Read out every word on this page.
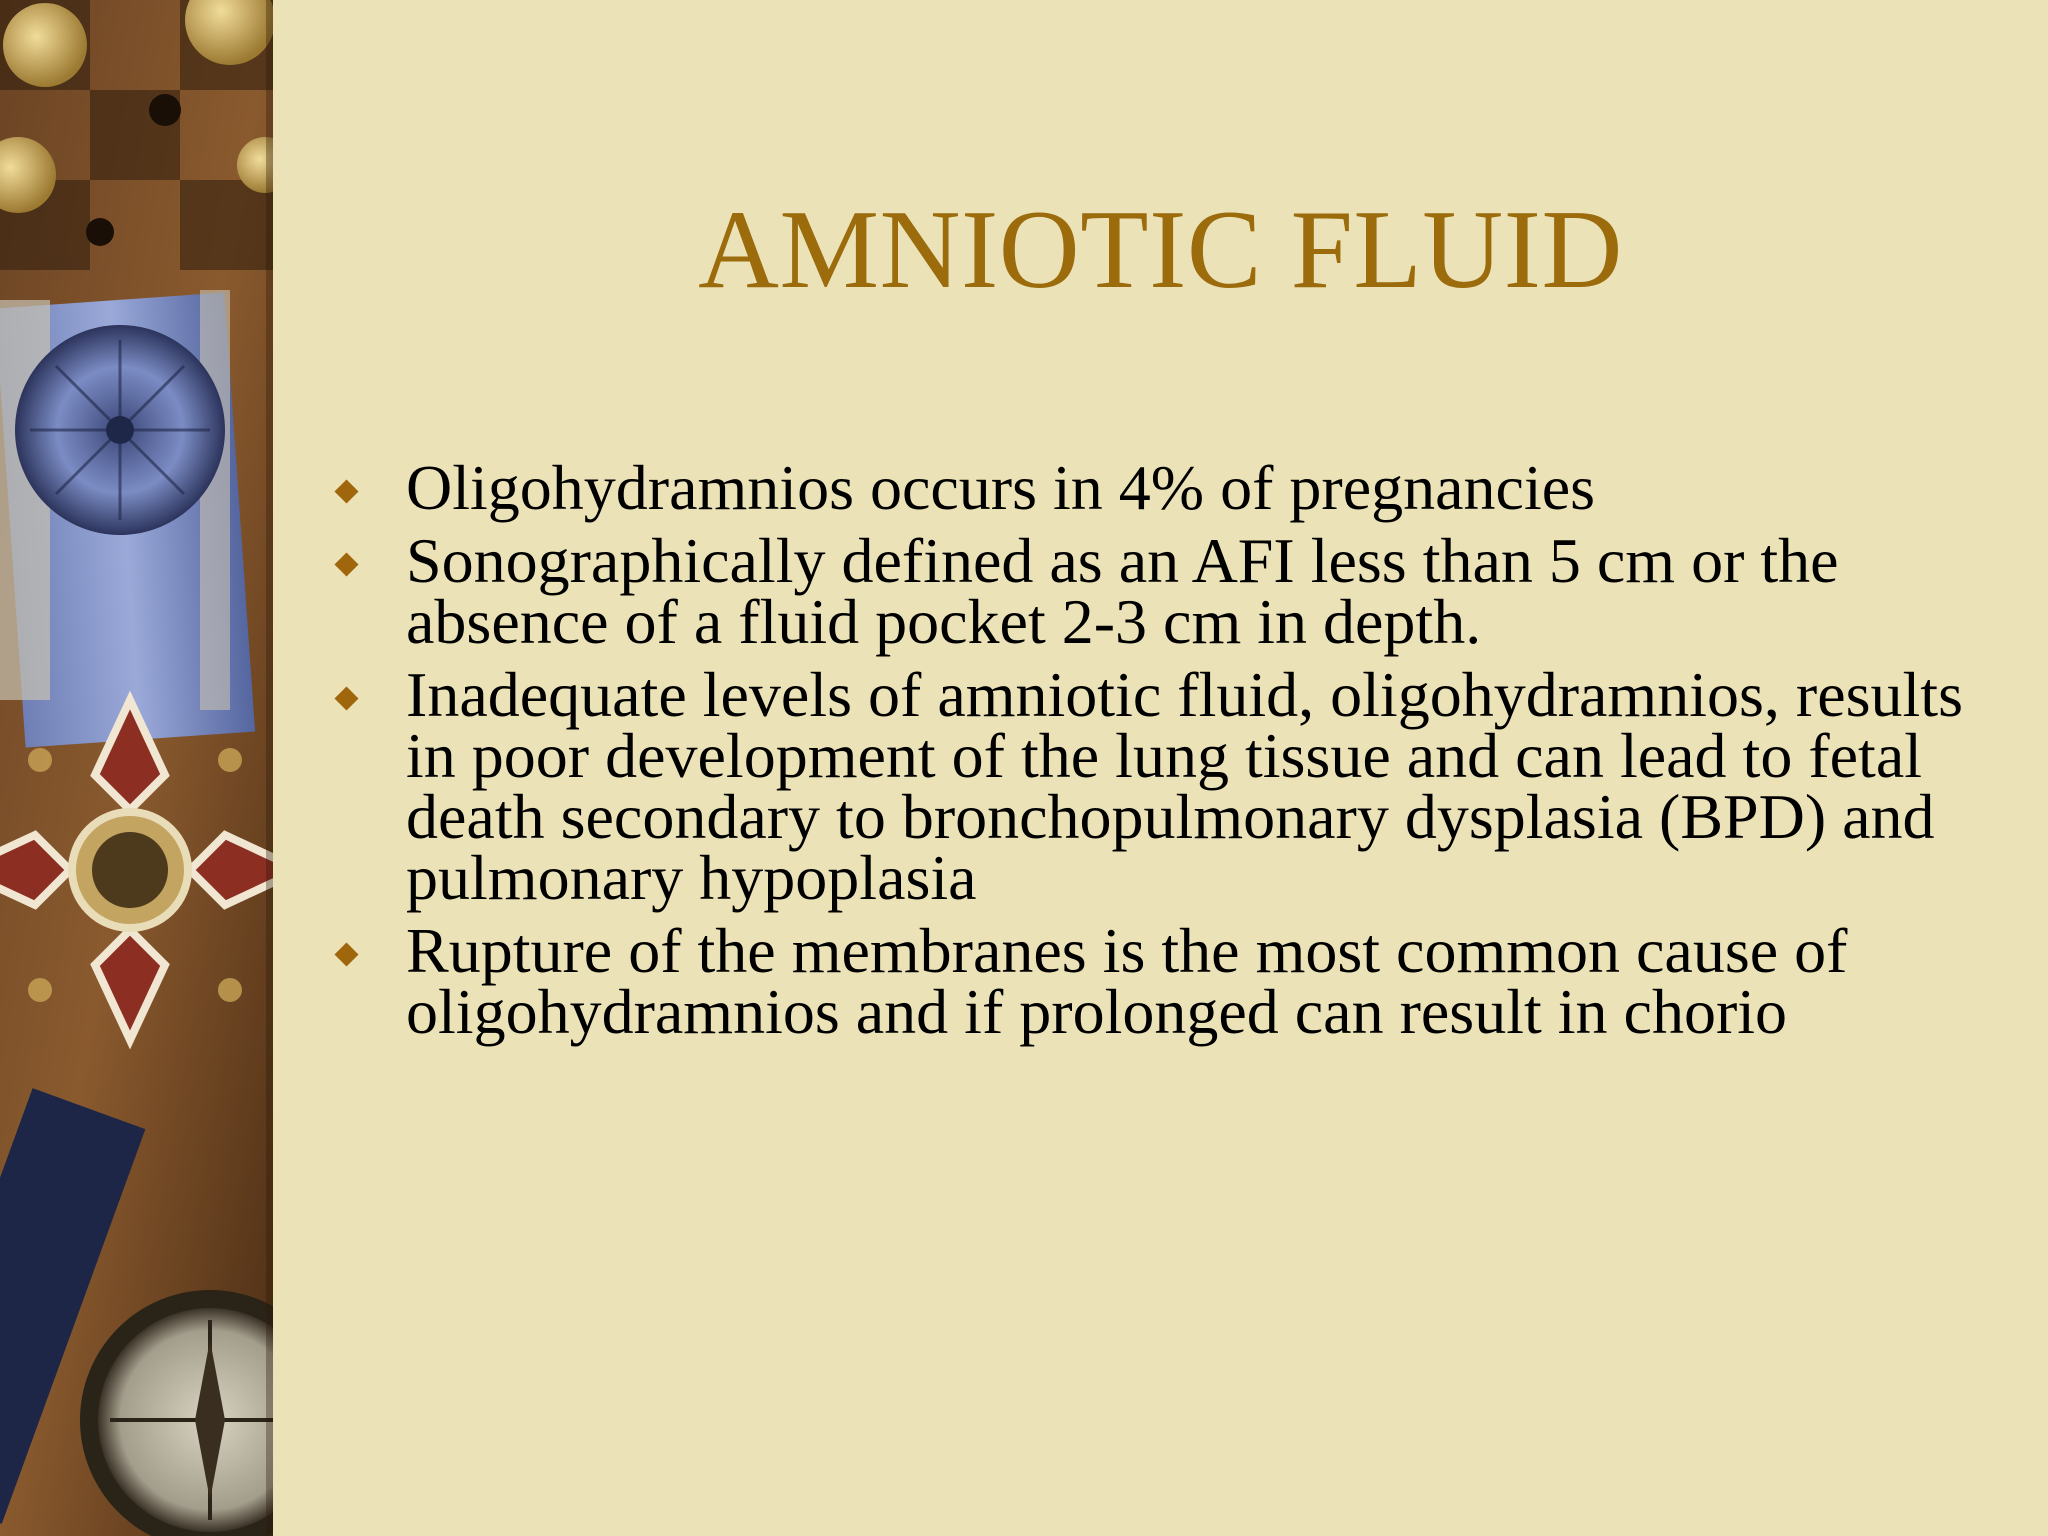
AMNIOTIC FLUID
Oligohydramnios occurs in 4% of pregnancies
Sonographically defined as an AFI less than 5 cm or the absence of a fluid pocket 2-3 cm in depth.
Inadequate levels of amniotic fluid, oligohydramnios, results in poor development of the lung tissue and can lead to fetal death secondary to bronchopulmonary dysplasia (BPD) and pulmonary hypoplasia
Rupture of the membranes is the most common cause of oligohydramnios and if prolonged can result in chorio
